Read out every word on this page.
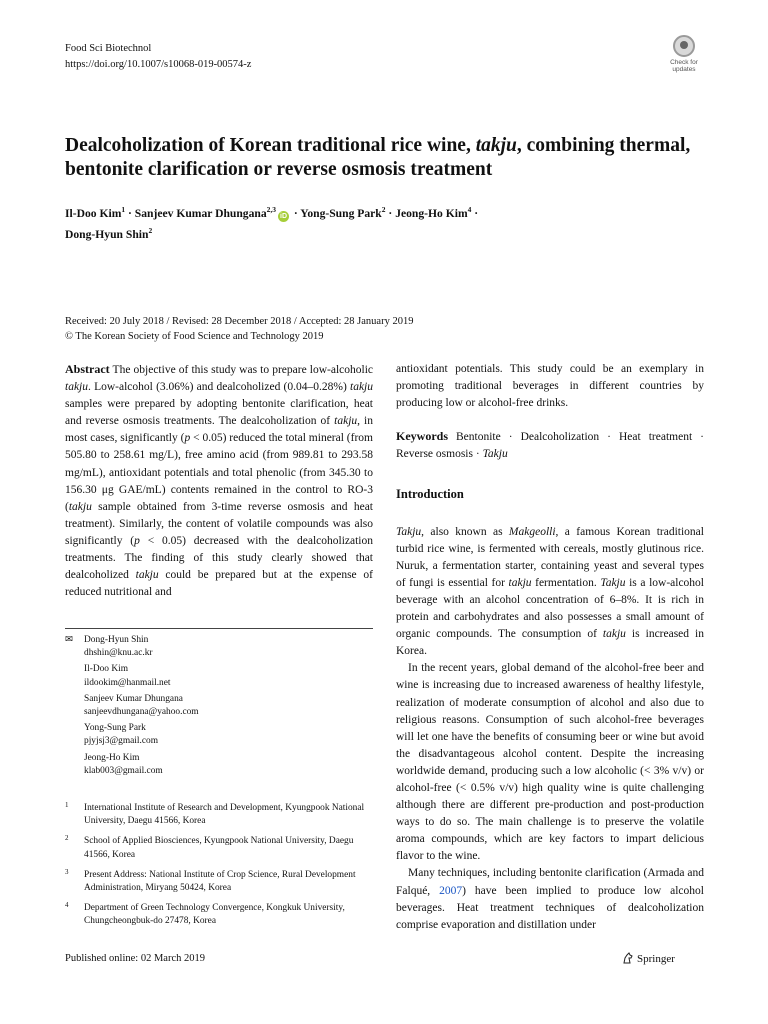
Food Sci Biotechnol
https://doi.org/10.1007/s10068-019-00574-z	Check for
updates
Dealcoholization of Korean traditional rice wine, takju, combining thermal, bentonite clarification or reverse osmosis treatment
Il-Doo Kim$^1$ · Sanjeev Kumar Dhungana$^{2,3}$iD · Yong-Sung Park$^2$ · Jeong-Ho Kim$^4$ ·
Dong-Hyun Shin$^2$
Received: 20 July 2018 / Revised: 28 December 2018 / Accepted: 28 January 2019
© The Korean Society of Food Science and Technology 2019

Abstract The objective of this study was to prepare low-alcoholic takju. Low-alcohol (3.06%) and dealcoholized (0.04–0.28%) takju samples were prepared by adopting bentonite clarification, heat and reverse osmosis treatments. The dealcoholization of takju, in most cases, significantly (p < 0.05) reduced the total mineral (from 505.80 to 258.61 mg/L), free amino acid (from 989.81 to 293.58 mg/mL), antioxidant potentials and total phenolic (from 345.30 to 156.30 μg GAE/mL) contents remained in the control to RO-3 (takju sample obtained from 3-time reverse osmosis and heat treatment). Similarly, the content of volatile compounds was also significantly (p < 0.05) decreased with the dealcoholization treatments. The finding of this study clearly showed that dealcoholized takju could be prepared but at the expense of reduced nutritional and

✉ Dong-Hyun Shin
dhshin@knu.ac.kr
Il-Doo Kim
ildookim@hanmail.net
Sanjeev Kumar Dhungana
sanjeevdhungana@yahoo.com
Yong-Sung Park
pjyjsj3@gmail.com
Jeong-Ho Kim
klab003@gmail.com
1 International Institute of Research and Development, Kyungpook National University, Daegu 41566, Korea
2 School of Applied Biosciences, Kyungpook National University, Daegu 41566, Korea
3 Present Address: National Institute of Crop Science, Rural Development Administration, Miryang 50424, Korea
4 Department of Green Technology Convergence, Kongkuk University, Chungcheongbuk-do 27478, Korea

antioxidant potentials. This study could be an exemplary in promoting traditional beverages in different countries by producing low or alcohol-free drinks.

Keywords Bentonite · Dealcoholization · Heat treatment · Reverse osmosis · Takju

Introduction

Takju, also known as Makgeolli, a famous Korean traditional turbid rice wine, is fermented with cereals, mostly glutinous rice. Nuruk, a fermentation starter, containing yeast and several types of fungi is essential for takju fermentation. Takju is a low-alcohol beverage with an alcohol concentration of 6–8%. It is rich in protein and carbohydrates and also possesses a small amount of organic compounds. The consumption of takju is increased in Korea.

In the recent years, global demand of the alcohol-free beer and wine is increasing due to increased awareness of healthy lifestyle, realization of moderate consumption of alcohol and also due to religious reasons. Consumption of such alcohol-free beverages will let one have the benefits of consuming beer or wine but avoid the disadvantageous alcohol content. Despite the increasing worldwide demand, producing such a low alcoholic (< 3% v/v) or alcohol-free (< 0.5% v/v) high quality wine is quite challenging although there are different pre-production and post-production ways to do so. The main challenge is to preserve the volatile aroma compounds, which are key factors to impart delicious flavor to the wine.

Many techniques, including bentonite clarification (Armada and Falqué, 2007) have been implied to produce low alcohol beverages. Heat treatment techniques of dealcoholization comprise evaporation and distillation under

Published online: 02 March 2019	Springer
